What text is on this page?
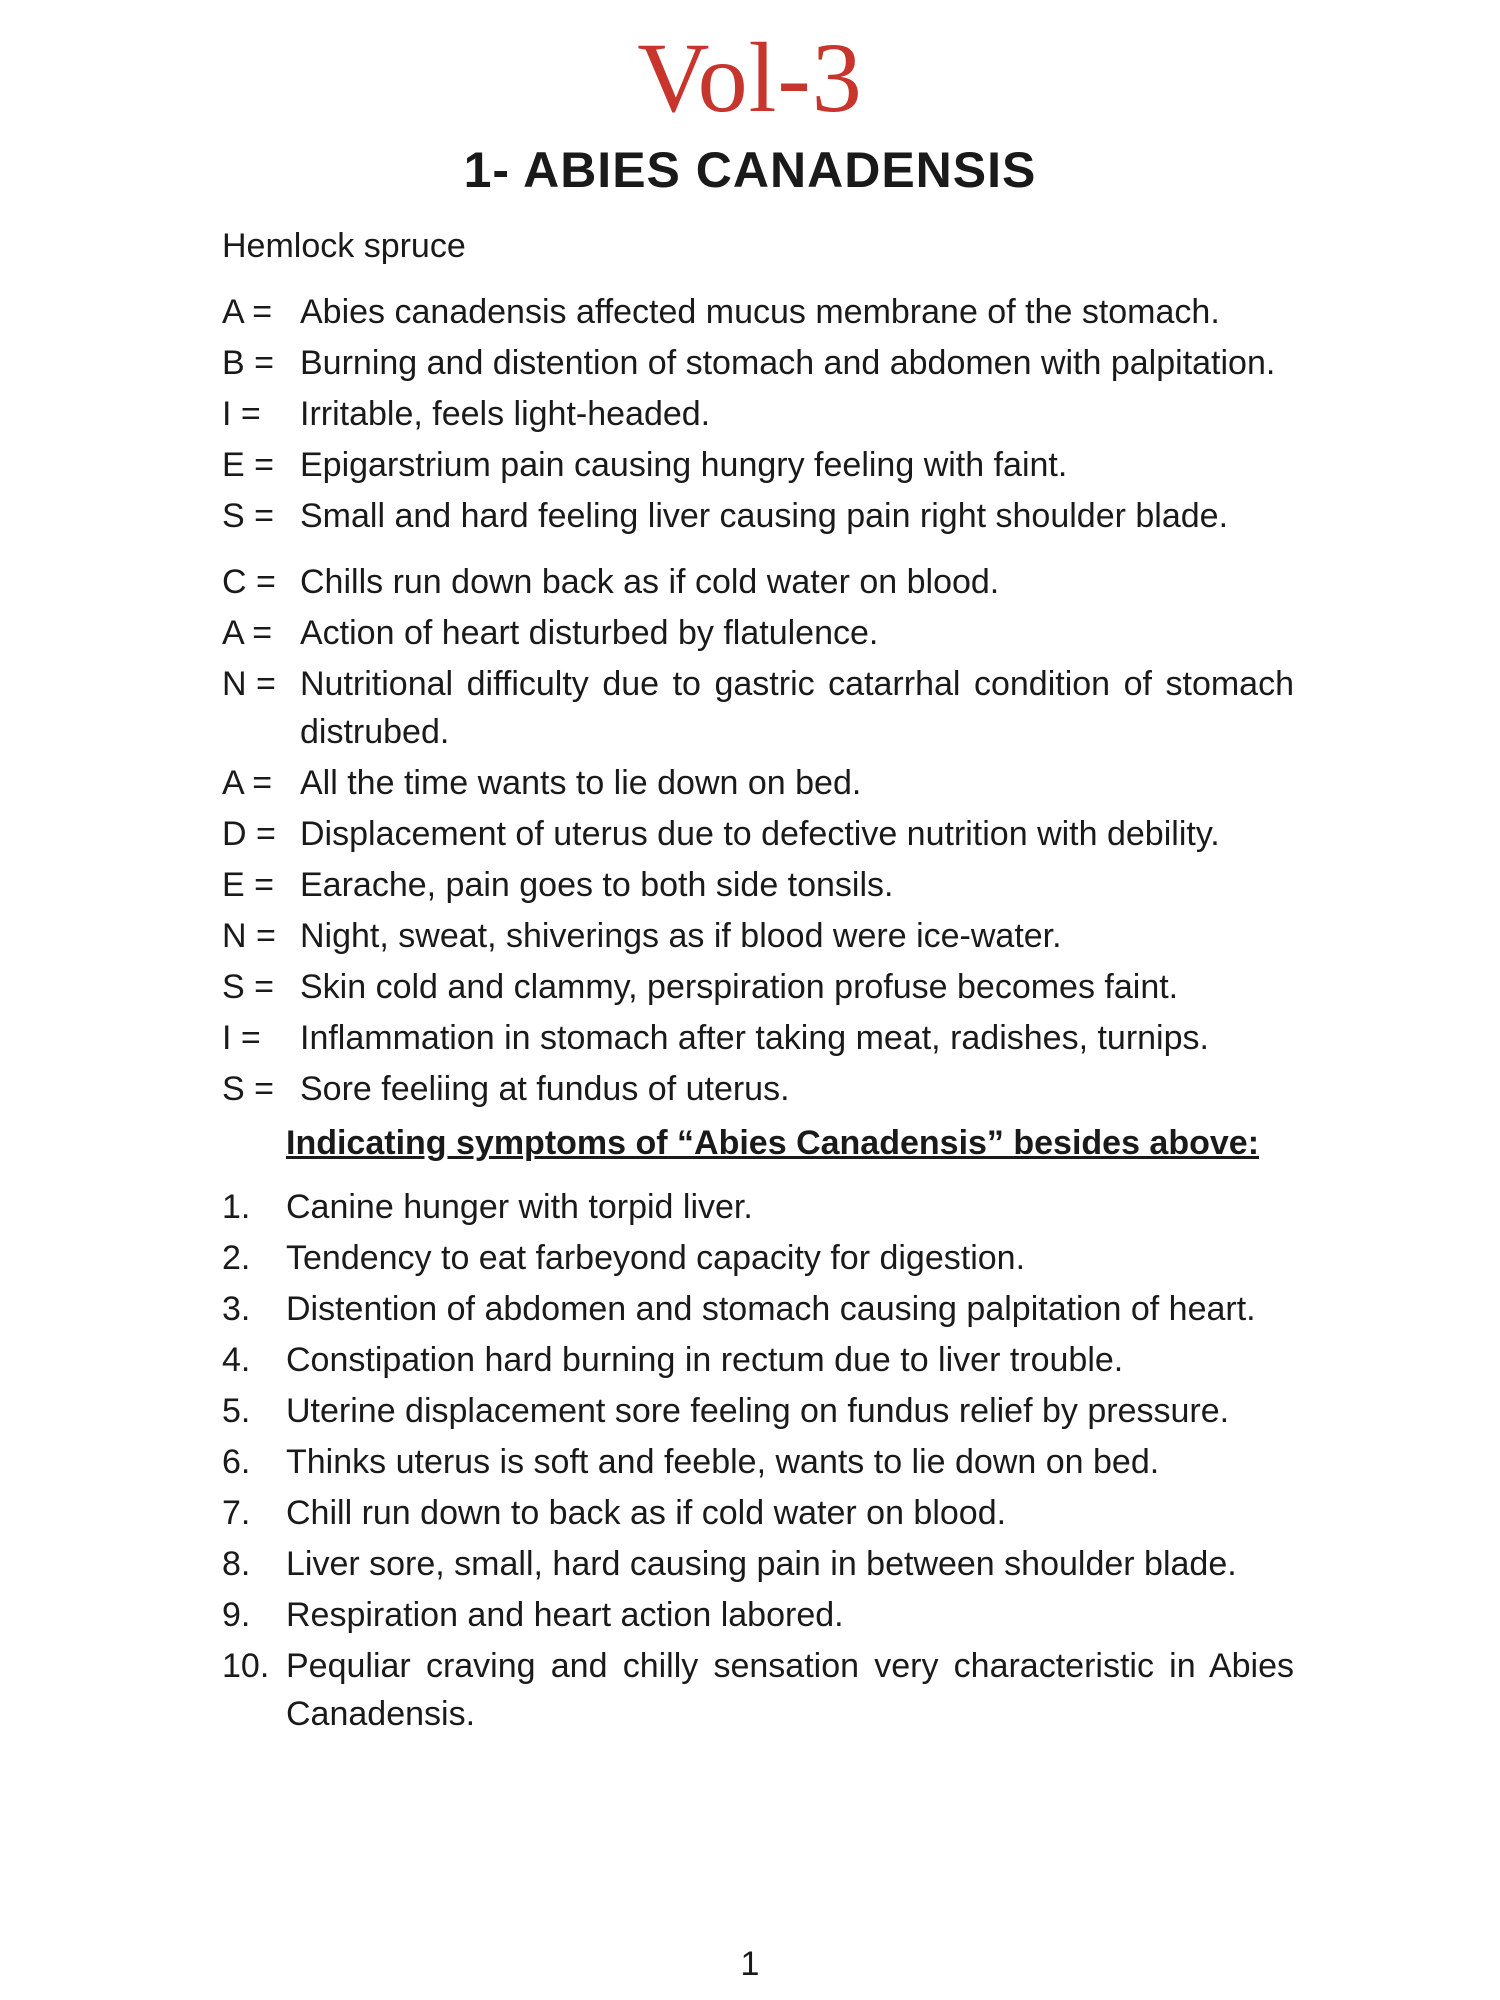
Vol-3
1- ABIES CANADENSIS
Hemlock spruce
A = Abies canadensis affected mucus membrane of the stomach.
B = Burning and distention of stomach and abdomen with palpitation.
I =	Irritable, feels light-headed.
E = Epigarstrium pain causing hungry feeling with faint.
S = Small and hard feeling liver causing pain right shoulder blade.
C = Chills run down back as if cold water on blood.
A = Action of heart disturbed by flatulence.
N = Nutritional difficulty due to gastric catarrhal condition of stomach distrubed.
A = All the time wants to lie down on bed.
D = Displacement of uterus due to defective nutrition with debility.
E = Earache, pain goes to both side tonsils.
N = Night, sweat, shiverings as if blood were ice-water.
S = Skin cold and clammy, perspiration profuse becomes faint.
I =	Inflammation in stomach after taking meat, radishes, turnips.
S = Sore feeliing at fundus of uterus.
Indicating symptoms of “Abies Canadensis” besides above:
1.	Canine hunger with torpid liver.
2.	Tendency to eat farbeyond capacity for digestion.
3.	Distention of abdomen and stomach causing palpitation of heart.
4.	Constipation hard burning in rectum due to liver trouble.
5.	Uterine displacement sore feeling on fundus relief by pressure.
6.	Thinks uterus is soft and feeble, wants to lie down on bed.
7.	Chill run down to back as if cold water on blood.
8.	Liver sore, small, hard causing pain in between shoulder blade.
9.	Respiration and heart action labored.
10. Pequliar craving and chilly sensation very characteristic in Abies Canadensis.
1
